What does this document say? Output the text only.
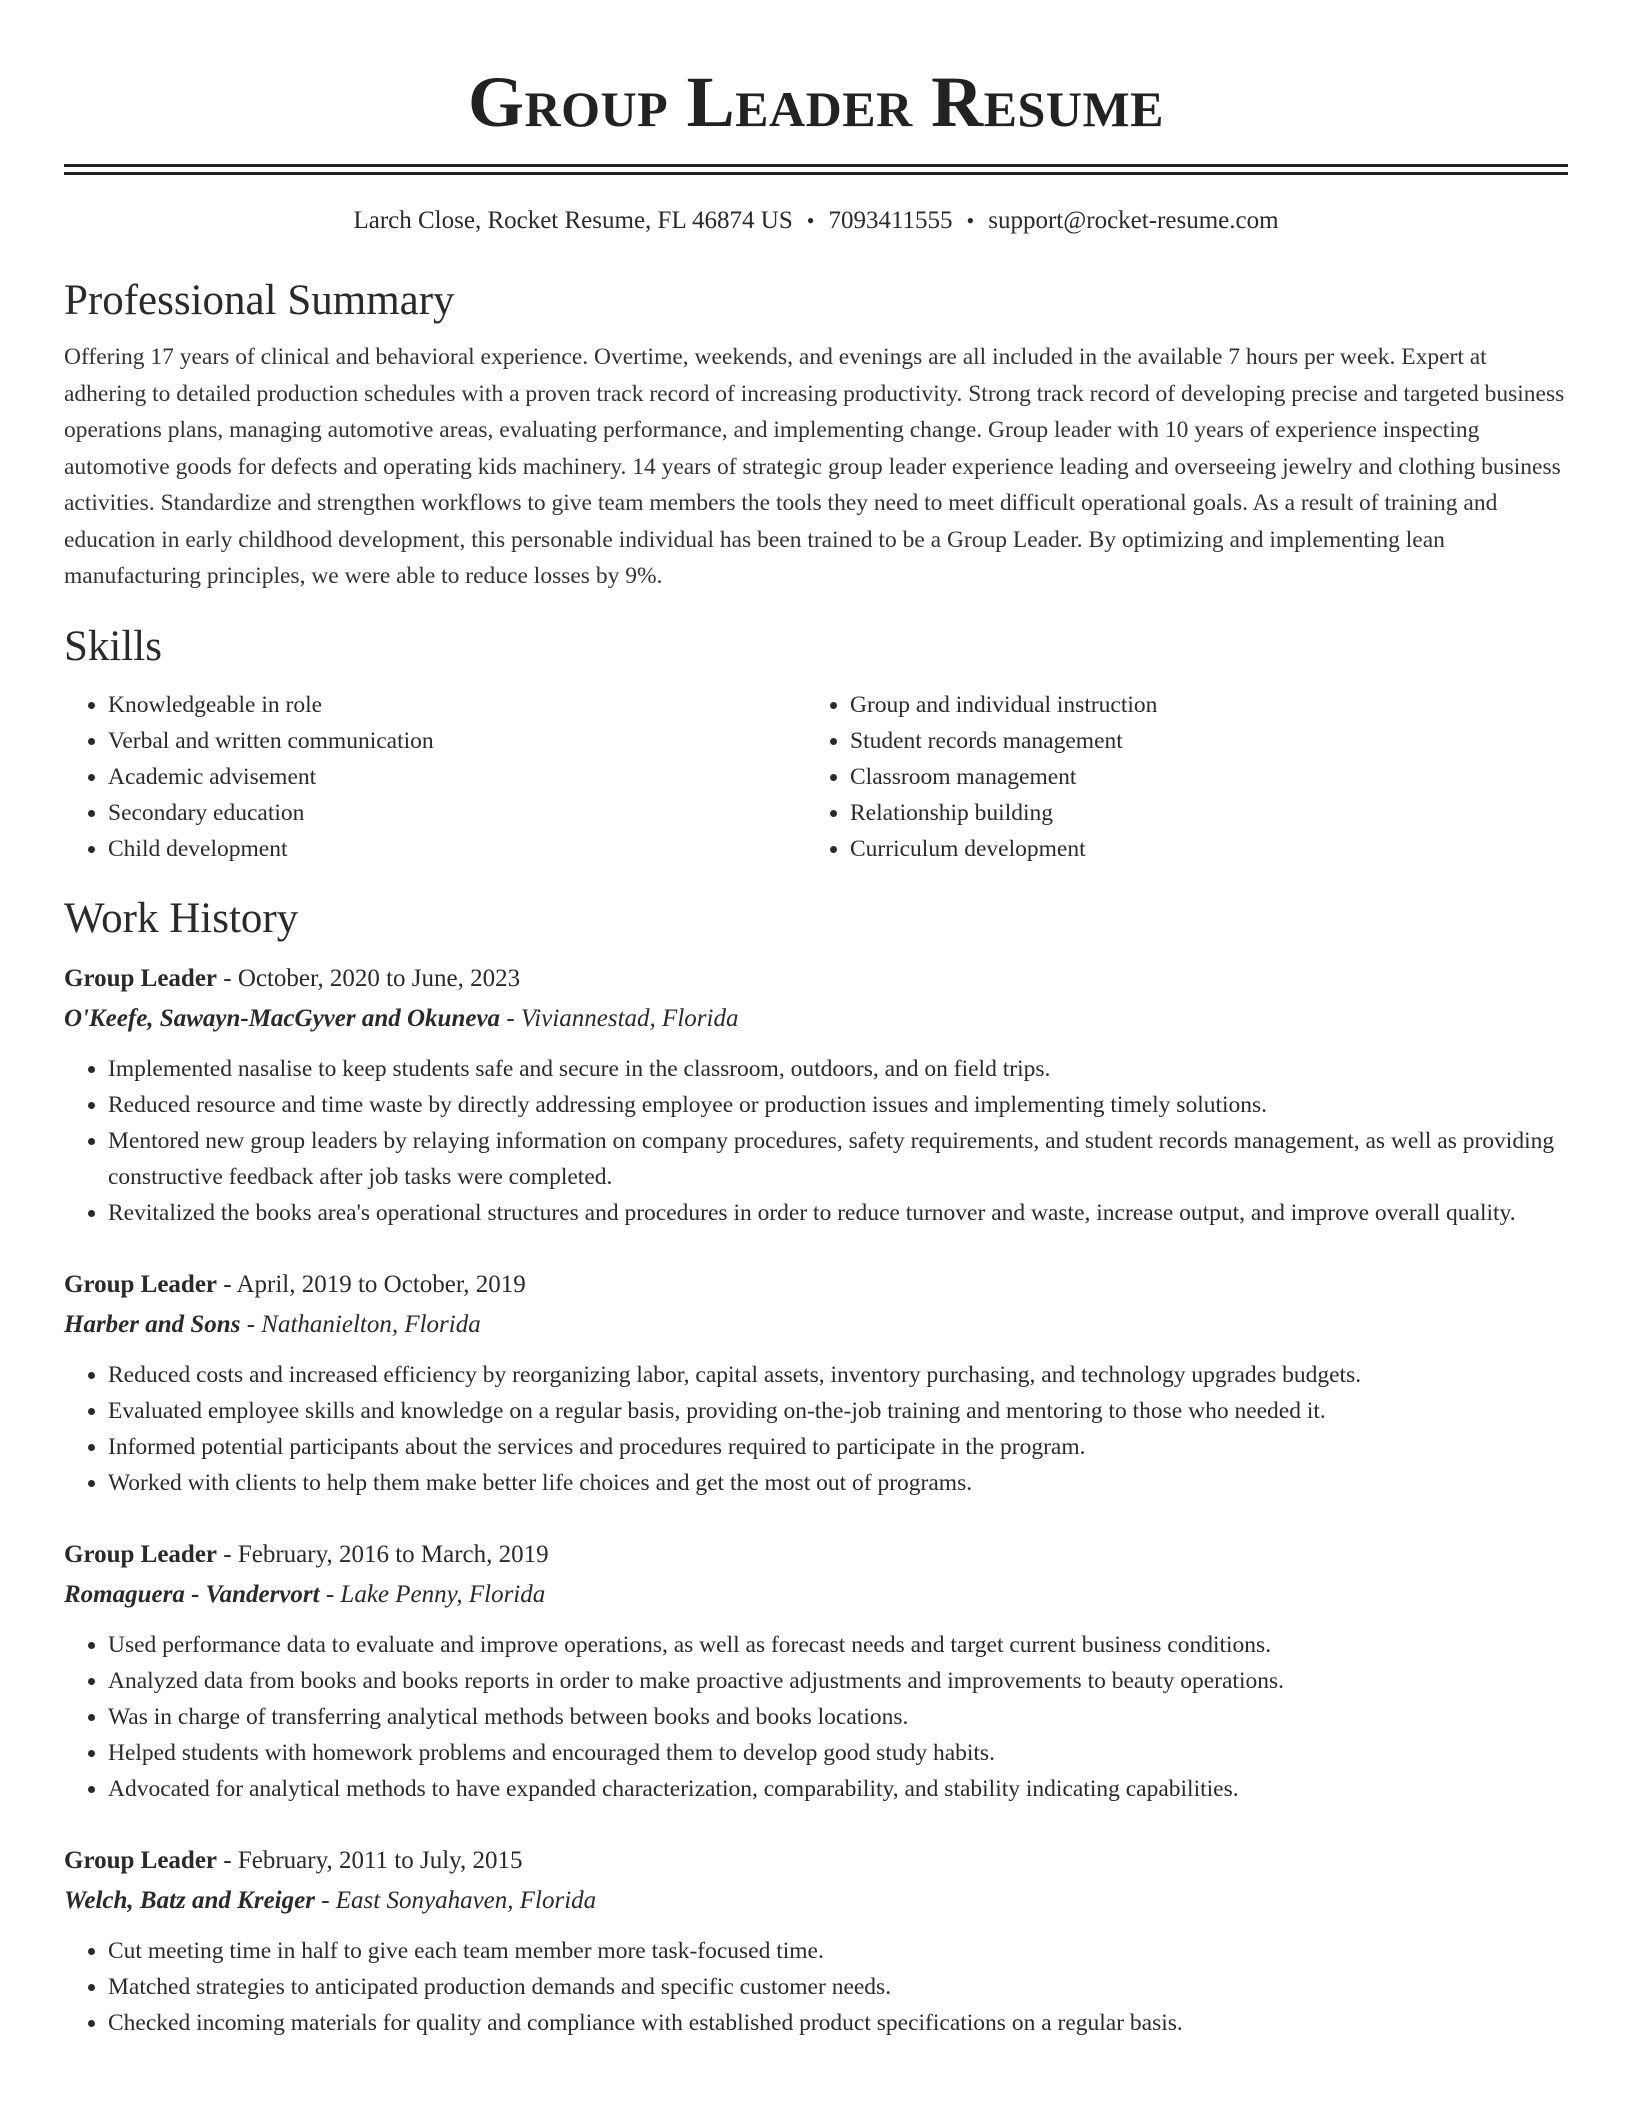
Group Leader Resume
Larch Close, Rocket Resume, FL 46874 US • 7093411555 • support@rocket-resume.com
Professional Summary

Offering 17 years of clinical and behavioral experience. Overtime, weekends, and evenings are all included in the available 7 hours per week. Expert at adhering to detailed production schedules with a proven track record of increasing productivity. Strong track record of developing precise and targeted business operations plans, managing automotive areas, evaluating performance, and implementing change. Group leader with 10 years of experience inspecting automotive goods for defects and operating kids machinery. 14 years of strategic group leader experience leading and overseeing jewelry and clothing business activities. Standardize and strengthen workflows to give team members the tools they need to meet difficult operational goals. As a result of training and education in early childhood development, this personable individual has been trained to be a Group Leader. By optimizing and implementing lean manufacturing principles, we were able to reduce losses by 9%.

Skills
• Knowledgeable in role
• Verbal and written communication
• Academic advisement
• Secondary education
• Child development
• Group and individual instruction
• Student records management
• Classroom management
• Relationship building
• Curriculum development
Work History
Group Leader - October, 2020 to June, 2023
O'Keefe, Sawayn-MacGyver and Okuneva - Viviannestad, Florida
• Implemented nasalise to keep students safe and secure in the classroom, outdoors, and on field trips.
• Reduced resource and time waste by directly addressing employee or production issues and implementing timely solutions.
• Mentored new group leaders by relaying information on company procedures, safety requirements, and student records management, as well as providing constructive feedback after job tasks were completed.
• Revitalized the books area's operational structures and procedures in order to reduce turnover and waste, increase output, and improve overall quality.
Group Leader - April, 2019 to October, 2019
Harber and Sons - Nathanielton, Florida
• Reduced costs and increased efficiency by reorganizing labor, capital assets, inventory purchasing, and technology upgrades budgets.
• Evaluated employee skills and knowledge on a regular basis, providing on-the-job training and mentoring to those who needed it.
• Informed potential participants about the services and procedures required to participate in the program.
• Worked with clients to help them make better life choices and get the most out of programs.
Group Leader - February, 2016 to March, 2019
Romaguera - Vandervort - Lake Penny, Florida
• Used performance data to evaluate and improve operations, as well as forecast needs and target current business conditions.
• Analyzed data from books and books reports in order to make proactive adjustments and improvements to beauty operations.
• Was in charge of transferring analytical methods between books and books locations.
• Helped students with homework problems and encouraged them to develop good study habits.
• Advocated for analytical methods to have expanded characterization, comparability, and stability indicating capabilities.
Group Leader - February, 2011 to July, 2015
Welch, Batz and Kreiger - East Sonyahaven, Florida
• Cut meeting time in half to give each team member more task-focused time.
• Matched strategies to anticipated production demands and specific customer needs.
• Checked incoming materials for quality and compliance with established product specifications on a regular basis.
